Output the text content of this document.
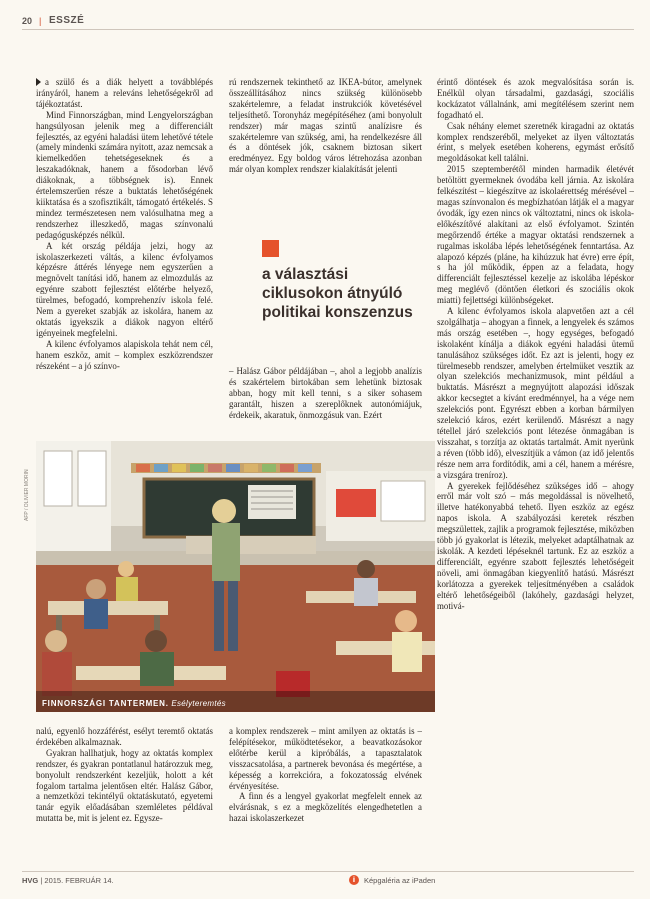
20 | ESSZÉ

a szülő és a diák helyett a továbblépés irányáról, hanem a releváns lehetőségekről ad tájékoztatást.

Mind Finnországban, mind Lengyelországban hangsúlyosan jelenik meg a differenciált fejlesztés, az egyéni haladási ütem lehetővé tétele (amely mindenki számára nyitott, azaz nemcsak a kiemelkedően tehetségeseknek és a leszakadóknak, hanem a fősodorban lévő diákoknak, a többségnek is). Ennek értelemszerűen része a buktatás lehetőségének kiiktatása és a szofisztikált, támogató értékelés. S mindez természetesen nem valósulhatna meg a rendszerhez illeszkedő, magas színvonalú pedagógusképzés nélkül.

A két ország példája jelzi, hogy az iskolaszerkezeti váltás, a kilenc évfolyamos képzésre áttérés lényege nem egyszerűen a megnövelt tanítási idő, hanem az elmozdulás az egyénre szabott fejlesztést előtérbe helyező, türelmes, befogadó, komprehenzív iskola felé. Nem a gyereket szabják az iskolára, hanem az oktatás igyekszik a diákok nagyon eltérő igényeinek megfelelni.

A kilenc évfolyamos alapiskola tehát nem cél, hanem eszköz, amit – komplex eszközrendszer részeként – a jó színvo-

rú rendszernek tekinthető az IKEA-bútor, amelynek összeállításához nincs szükség különösebb szakértelemre, a feladat instrukciók követésével teljesíthető. Toronyház megépítéséhez (ami bonyolult rendszer) már magas szintű analízisre és szakértelemre van szükség, ami, ha rendelkezésre áll és a döntések jók, csaknem biztosan sikert eredményez. Egy boldog város létrehozása azonban már olyan komplex rendszer kialakítását jelenti

a választási ciklusokon átnyúló politikai konszenzus

– Halász Gábor példájában –, ahol a legjobb analízis és szakértelem birtokában sem lehetünk biztosak abban, hogy mit kell tenni, s a siker sohasem garantált, hiszen a szereplőknek autonómiájuk, érdekeik, akaratuk, önmozgásuk van. Ezért

érintő döntések és azok megvalósítása során is. Enélkül olyan társadalmi, gazdasági, szociális kockázatot vállalnánk, ami megítélésem szerint nem fogadható el.

Csak néhány elemet szeretnék kiragadni az oktatás komplex rendszeréből, melyeket az ilyen változtatás érint, s melyek esetében koherens, egymást erősítő megoldásokat kell találni.

2015 szeptemberétől minden harmadik életévét betöltött gyermeknek óvodába kell járnia. Az iskolára felkészítést – kiegészítve az iskolaérettség mérésével – magas színvonalon és megbízhatóan látják el a magyar óvodák, így ezen nincs ok változtatni, nincs ok iskola-előkészítővé alakítani az első évfolyamot. Szintén megőrzendő értéke a magyar oktatási rendszernek a rugalmas iskolába lépés lehetőségének fenntartása. Az alapozó képzés (pláne, ha kihúzzuk hat évre) erre épít, s ha jól működik, éppen az a feladata, hogy differenciált fejlesztéssel kezelje az iskolába lépéskor meg meglévő (döntően életkori és szociális okok miatti) fejlettségi különbségeket.

A kilenc évfolyamos iskola alapvetően azt a cél szolgálhatja – ahogyan a finnek, a lengyelek és számos más ország esetében –, hogy egységes, befogadó iskolaként kínálja a diákok egyéni haladási ütemű tanulásához szükséges időt. Ez azt is jelenti, hogy ez türelmesebb rendszer, amelyben értelmüket vesztik az olyan szelekciós mechanizmusok, mint például a buktatás. Másrészt a megnyújtott alapozási időszak akkor kecsegtet a kívánt eredménnyel, ha a vége nem szelekciós pont. Egyrészt ebben a korban bármilyen szelekció káros, ezért kerülendő. Másrészt a nagy tétellel járó szelekciós pont létezése önmagában is visszahat, s torzítja az oktatás tartalmát. Amit nyerünk a réven (több idő), elveszítjük a vámon (az idő jelentős része nem arra fordítódik, ami a cél, hanem a mérésre, a vizsgára treníroz).

A gyerekek fejlődéséhez szükséges idő – ahogy erről már volt szó – más megoldással is növelhető, illetve hatékonyabbá tehető. Ilyen eszköz az egész napos iskola. A szabályozási keretek részben megszülettek, zajlik a programok fejlesztése, miközben több jó gyakorlat is létezik, melyeket adaptálhatnak az iskolák. A kezdeti lépéseknél tartunk. Ez az eszköz a differenciált, egyénre szabott fejlesztés lehetőségeit növeli, ami önmagában kiegyenlítő hatású. Másrészt korlátozza a gyerekek teljesítményében a családok eltérő lehetőségeiből (lakóhely, gazdasági helyzet, motivá-

AFP / OLIVIER MORIN
FINNORSZÁGI TANTERMEN. Esélyteremtés

nalú, egyenlő hozzáférést, esélyt teremtő oktatás érdekében alkalmaznak.

Gyakran hallhatjuk, hogy az oktatás komplex rendszer, és gyakran pontatlanul határozzuk meg, bonyolult rendszerként kezeljük, holott a két fogalom tartalma jelentősen eltér. Halász Gábor, a nemzetközi tekintélyű oktatáskutató, egyetemi tanár egyik előadásában szemléletes példával mutatta be, mit is jelent ez. Egysze-

a komplex rendszerek – mint amilyen az oktatás is – felépítésekor, működtetésekor, a beavatkozásokor előtérbe kerül a kipróbálás, a tapasztalatok visszacsatolása, a partnerek bevonása és megértése, a képesség a korrekcióra, a fokozatosság elvének érvényesítése.

A finn és a lengyel gyakorlat megfelelt ennek az elvárásnak, s ez a megközelítés elengedhetetlen a hazai iskolaszerkezet

HVG | 2015. FEBRUÁR 14.	i	Képgaléria az iPaden
